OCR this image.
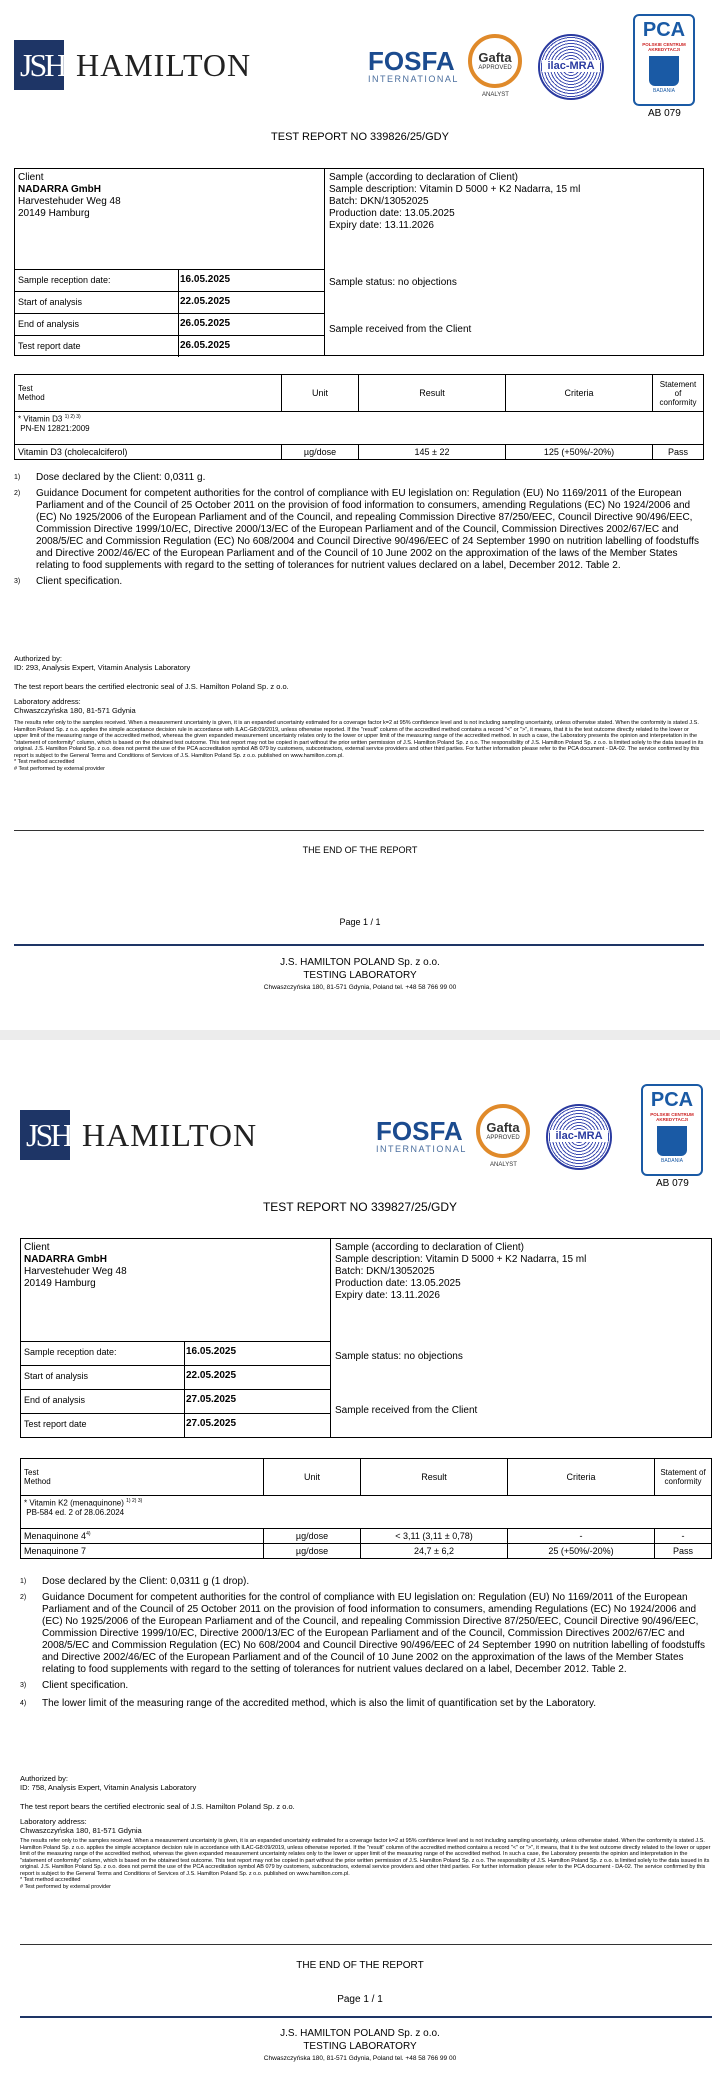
JSH HAMILTON	FOSFA
INTERNATIONAL
Gafta
APPROVED
ANALYST
ilac-MRA
PCA
POLSKIE CENTRUM AKREDYTACJI
BADANIA
AB 079
TEST REPORT NO 339826/25/GDY
Client
NADARRA GmbH
Harvestehuder Weg 48
20149 Hamburg
Sample (according to declaration of Client)
Sample description: Vitamin D 5000 + K2 Nadarra, 15 ml
Batch: DKN/13052025
Production date: 13.05.2025
Expiry date: 13.11.2026
Sample reception date:	16.05.2025
Start of analysis	22.05.2025
End of analysis	26.05.2025
Test report date	26.05.2025
Sample status: no objections
Sample received from the Client
Test
Method	Unit	Result	Criteria	Statement of conformity
* Vitamin D3 $^{1) 2) 3)}$
PN-EN 12821:2009				
Vitamin D3 (cholecalciferol)	µg/dose	145 ± 22	125 (+50%/-20%)	Pass
1)	Dose declared by the Client: 0,0311 g.
2)	Guidance Document for competent authorities for the control of compliance with EU legislation on: Regulation (EU) No 1169/2011 of the European Parliament and of the Council of 25 October 2011 on the provision of food information to consumers, amending Regulations (EC) No 1924/2006 and (EC) No 1925/2006 of the European Parliament and of the Council, and repealing Commission Directive 87/250/EEC, Council Directive 90/496/EEC, Commission Directive 1999/10/EC, Directive 2000/13/EC of the European Parliament and of the Council, Commission Directives 2002/67/EC and 2008/5/EC and Commission Regulation (EC) No 608/2004 and Council Directive 90/496/EEC of 24 September 1990 on nutrition labelling of foodstuffs and Directive 2002/46/EC of the European Parliament and of the Council of 10 June 2002 on the approximation of the laws of the Member States relating to food supplements with regard to the setting of tolerances for nutrient values declared on a label, December 2012. Table 2.
3)	Client specification.
Authorized by:
ID: 293, Analysis Expert, Vitamin Analysis Laboratory
The test report bears the certified electronic seal of J.S. Hamilton Poland Sp. z o.o.
Laboratory address:
Chwaszczyńska 180, 81-571 Gdynia
The results refer only to the samples received. When a measurement uncertainty is given, it is an expanded uncertainty estimated for a coverage factor k=2 at 95% confidence level and is not including sampling uncertainty, unless otherwise stated. When the conformity is stated J.S. Hamilton Poland Sp. z o.o. applies the simple acceptance decision rule in accordance with ILAC-G8:09/2019, unless otherwise reported. If the "result" column of the accredited method contains a record "<" or ">", it means, that it is the test outcome directly related to the lower or upper limit of the measuring range of the accredited method, whereas the given expanded measurement uncertainty relates only to the lower or upper limit of the measuring range of the accredited method. In such a case, the Laboratory presents the opinion and interpretation in the "statement of conformity" column, which is based on the obtained test outcome. This test report may not be copied in part without the prior written permission of J.S. Hamilton Poland Sp. z o.o. The responsibility of J.S. Hamilton Poland Sp. z o.o. is limited solely to the data issued in its original. J.S. Hamilton Poland Sp. z o.o. does not permit the use of the PCA accreditation symbol AB 079 by customers, subcontractors, external service providers and other third parties. For further information please refer to the PCA document - DA-02. The service confirmed by this report is subject to the General Terms and Conditions of Services of J.S. Hamilton Poland Sp. z o.o. published on www.hamilton.com.pl.
* Test method accredited
# Test performed by external provider
THE END OF THE REPORT
Page 1 / 1
J.S. HAMILTON POLAND Sp. z o.o.
TESTING LABORATORY
Chwaszczyńska 180, 81-571 Gdynia, Poland tel. +48 58 766 99 00
JSH HAMILTON	FOSFA
INTERNATIONAL
Gafta
APPROVED
ANALYST
ilac-MRA
PCA
POLSKIE CENTRUM AKREDYTACJI
BADANIA
AB 079
TEST REPORT NO 339827/25/GDY
Client
NADARRA GmbH
Harvestehuder Weg 48
20149 Hamburg
Sample (according to declaration of Client)
Sample description: Vitamin D 5000 + K2 Nadarra, 15 ml
Batch: DKN/13052025
Production date: 13.05.2025
Expiry date: 13.11.2026
Sample reception date:	16.05.2025
Start of analysis	22.05.2025
End of analysis	27.05.2025
Test report date	27.05.2025
Sample status: no objections
Sample received from the Client
Test
Method	Unit	Result	Criteria	Statement of conformity
* Vitamin K2 (menaquinone) $^{1) 2) 3)}$
PB-584 ed. 2 of 28.06.2024				
Menaquinone 4$^{4)}$	µg/dose	< 3,11 (3,11 ± 0,78)	-	-
Menaquinone 7	µg/dose	24,7 ± 6,2	25 (+50%/-20%)	Pass
1)	Dose declared by the Client: 0,0311 g (1 drop).
2)	Guidance Document for competent authorities for the control of compliance with EU legislation on: Regulation (EU) No 1169/2011 of the European Parliament and of the Council of 25 October 2011 on the provision of food information to consumers, amending Regulations (EC) No 1924/2006 and (EC) No 1925/2006 of the European Parliament and of the Council, and repealing Commission Directive 87/250/EEC, Council Directive 90/496/EEC, Commission Directive 1999/10/EC, Directive 2000/13/EC of the European Parliament and of the Council, Commission Directives 2002/67/EC and 2008/5/EC and Commission Regulation (EC) No 608/2004 and Council Directive 90/496/EEC of 24 September 1990 on nutrition labelling of foodstuffs and Directive 2002/46/EC of the European Parliament and of the Council of 10 June 2002 on the approximation of the laws of the Member States relating to food supplements with regard to the setting of tolerances for nutrient values declared on a label, December 2012. Table 2.
3)	Client specification.
4)	The lower limit of the measuring range of the accredited method, which is also the limit of quantification set by the Laboratory.
Authorized by:
ID: 758, Analysis Expert, Vitamin Analysis Laboratory
The test report bears the certified electronic seal of J.S. Hamilton Poland Sp. z o.o.
Laboratory address:
Chwaszczyńska 180, 81-571 Gdynia
The results refer only to the samples received. When a measurement uncertainty is given, it is an expanded uncertainty estimated for a coverage factor k=2 at 95% confidence level and is not including sampling uncertainty, unless otherwise stated. When the conformity is stated J.S. Hamilton Poland Sp. z o.o. applies the simple acceptance decision rule in accordance with ILAC-G8:09/2019, unless otherwise reported. If the "result" column of the accredited method contains a record "<" or ">", it means, that it is the test outcome directly related to the lower or upper limit of the measuring range of the accredited method, whereas the given expanded measurement uncertainty relates only to the lower or upper limit of the measuring range of the accredited method. In such a case, the Laboratory presents the opinion and interpretation in the "statement of conformity" column, which is based on the obtained test outcome. This test report may not be copied in part without the prior written permission of J.S. Hamilton Poland Sp. z o.o. The responsibility of J.S. Hamilton Poland Sp. z o.o. is limited solely to the data issued in its original. J.S. Hamilton Poland Sp. z o.o. does not permit the use of the PCA accreditation symbol AB 079 by customers, subcontractors, external service providers and other third parties. For further information please refer to the PCA document - DA-02. The service confirmed by this report is subject to the General Terms and Conditions of Services of J.S. Hamilton Poland Sp. z o.o. published on www.hamilton.com.pl.
* Test method accredited
# Test performed by external provider
THE END OF THE REPORT
Page 1 / 1
J.S. HAMILTON POLAND Sp. z o.o.
TESTING LABORATORY
Chwaszczyńska 180, 81-571 Gdynia, Poland tel. +48 58 766 99 00
